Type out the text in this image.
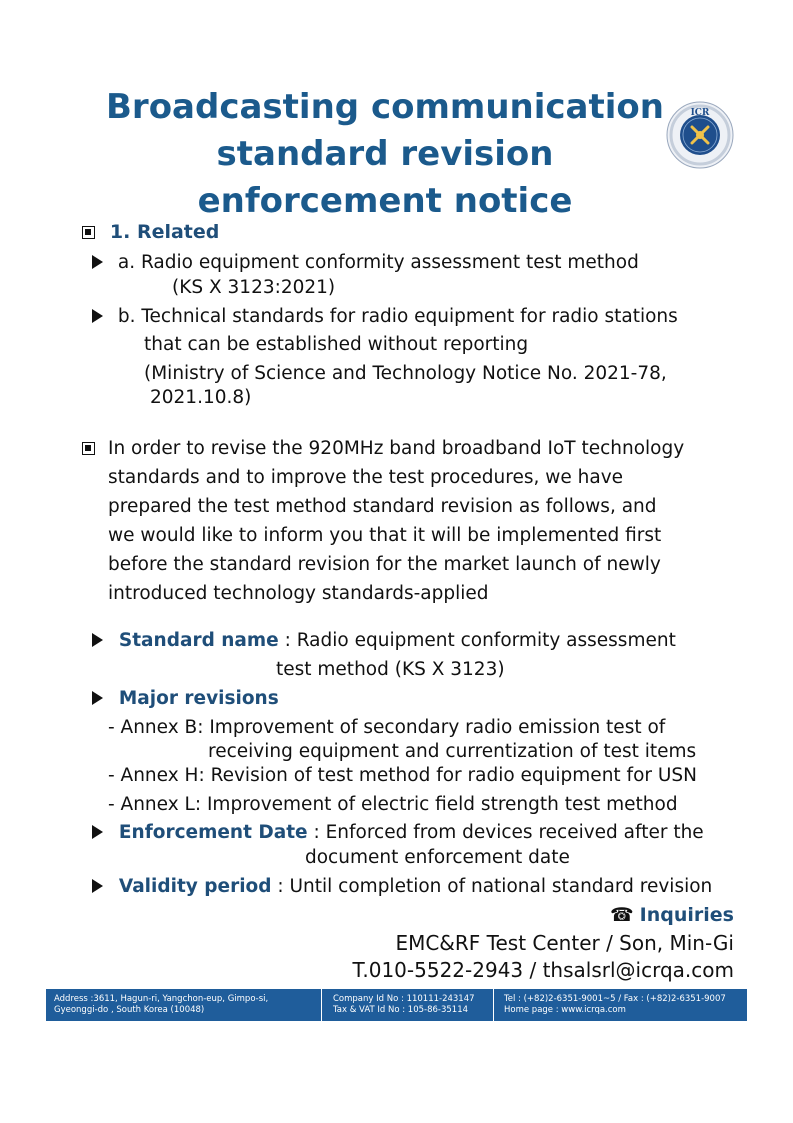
Broadcasting communication
standard revision
enforcement notice
ICR
1. Related
a. Radio equipment conformity assessment test method
(KS X 3123:2021)
b. Technical standards for radio equipment for radio stations
that can be established without reporting
(Ministry of Science and Technology Notice No. 2021-78,
2021.10.8)
In order to revise the 920MHz band broadband IoT technology
standards and to improve the test procedures, we have
prepared the test method standard revision as follows, and
we would like to inform you that it will be implemented first
before the standard revision for the market launch of newly
introduced technology standards-applied
Standard name : Radio equipment conformity assessment
test method (KS X 3123)
Major revisions
- Annex B: Improvement of secondary radio emission test of
receiving equipment and currentization of test items
- Annex H: Revision of test method for radio equipment for USN
- Annex L: Improvement of electric field strength test method
Enforcement Date : Enforced from devices received after the
document enforcement date
Validity period : Until completion of national standard revision
☎ Inquiries
EMC&RF Test Center / Son, Min-Gi
T.010-5522-2943 / thsalsrl@icrqa.com
Address :3611, Hagun-ri, Yangchon-eup, Gimpo-si,
Gyeonggi-do , South Korea (10048)
Company Id No : 110111-243147
Tax & VAT Id No : 105-86-35114
Tel : (+82)2-6351-9001~5 / Fax : (+82)2-6351-9007
Home page : www.icrqa.com
